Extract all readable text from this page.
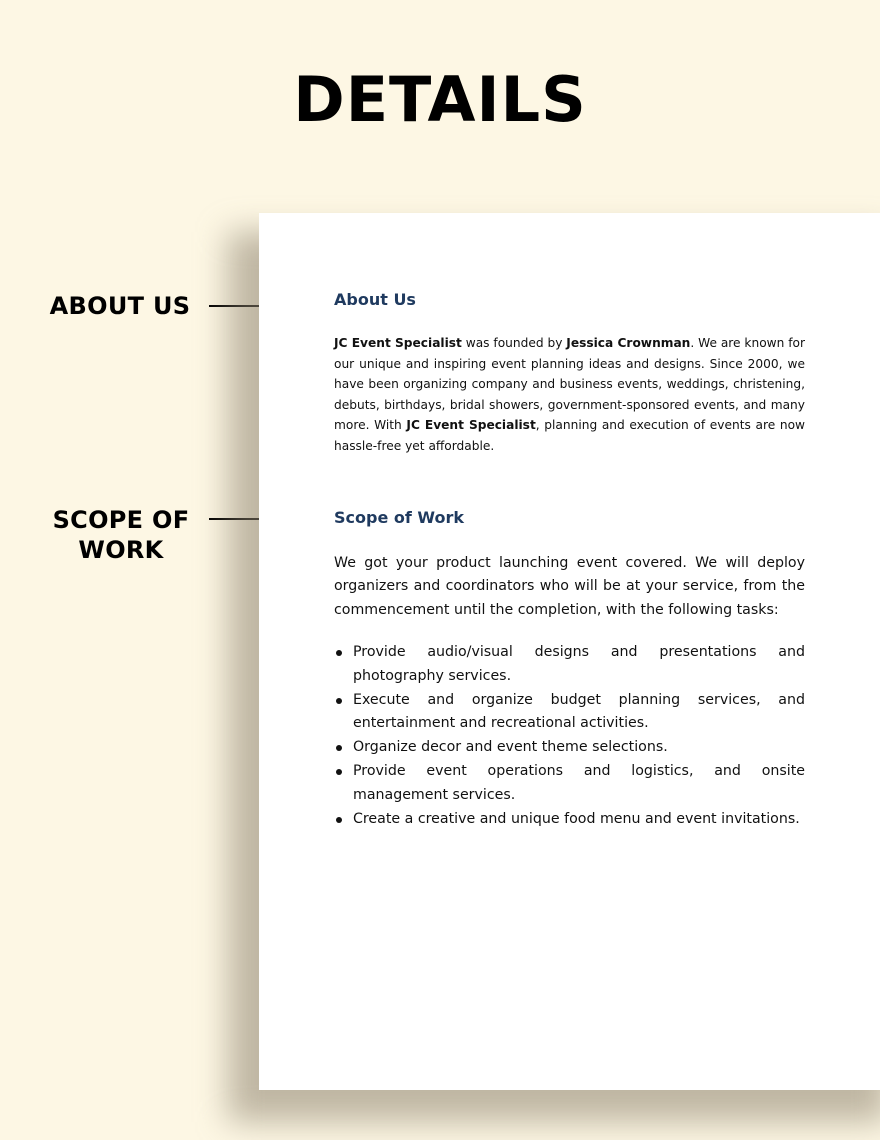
DETAILS
ABOUT US
SCOPE OF
WORK
About Us

JC Event Specialist was founded by Jessica Crownman. We are known for our unique and inspiring event planning ideas and designs. Since 2000, we have been organizing company and business events, weddings, christening, debuts, birthdays, bridal showers, government-sponsored events, and many more. With JC Event Specialist, planning and execution of events are now hassle-free yet affordable.

Scope of Work

We got your product launching event covered. We will deploy organizers and coordinators who will be at your service, from the commencement until the completion, with the following tasks:

Provide audio/visual designs and presentations and photography services.
Execute and organize budget planning services, and entertainment and recreational activities.
Organize decor and event theme selections.
Provide event operations and logistics, and onsite management services.
Create a creative and unique food menu and event invitations.
